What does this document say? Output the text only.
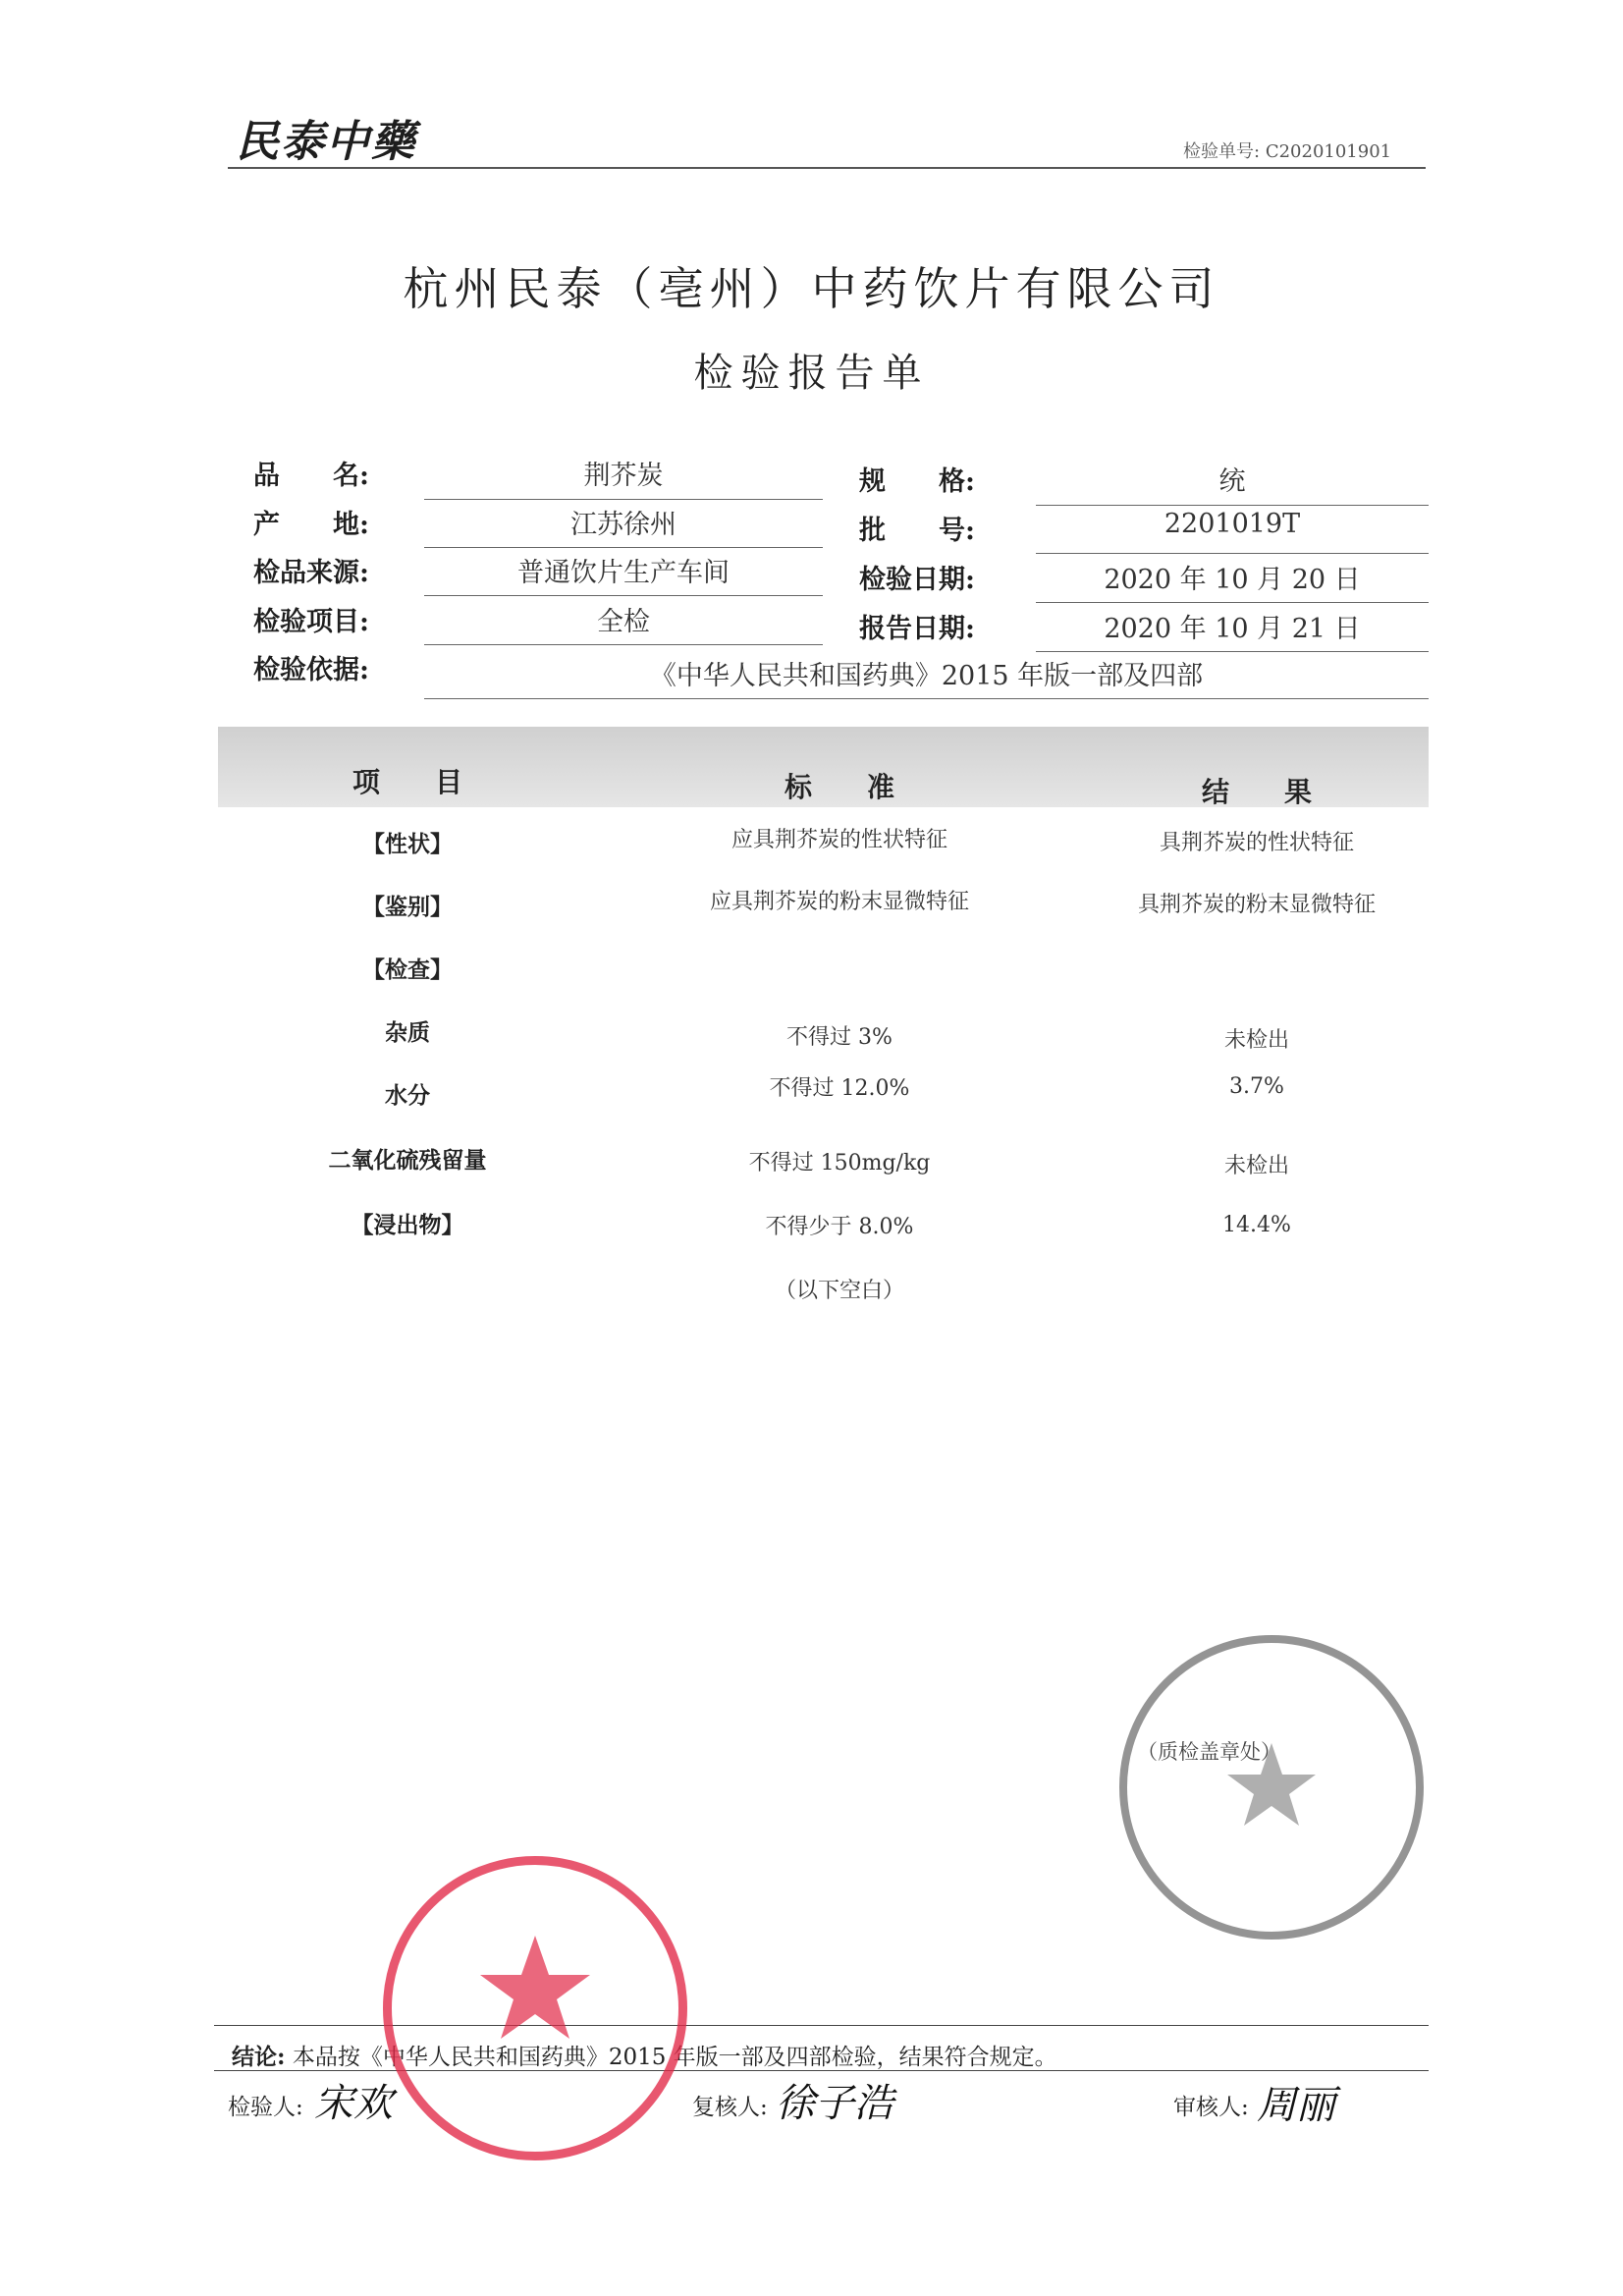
民泰中藥	检验单号: C2020101901
杭州民泰（亳州）中药饮片有限公司
检验报告单
品　　名:	荆芥炭	规　　格:	统
产　　地:	江苏徐州	批　　号:	2201019T
检品来源:	普通饮片生产车间	检验日期:	2020 年 10 月 20 日
检验项目:	全检	报告日期:	2020 年 10 月 21 日
检验依据:	《中华人民共和国药典》2015 年版一部及四部
项　　目	标　　准	结　　果
【性状】	应具荆芥炭的性状特征	具荆芥炭的性状特征
【鉴别】	应具荆芥炭的粉末显微特征	具荆芥炭的粉末显微特征
【检查】
杂质	不得过 3%	未检出
水分	不得过 12.0%	3.7%
二氧化硫残留量	不得过 150mg/kg	未检出
【浸出物】	不得少于 8.0%	14.4%
（以下空白）
（质检盖章处）
结论: 本品按《中华人民共和国药典》2015 年版一部及四部检验，结果符合规定。
检验人: 宋欢	复核人: 徐子浩	审核人: 周丽
